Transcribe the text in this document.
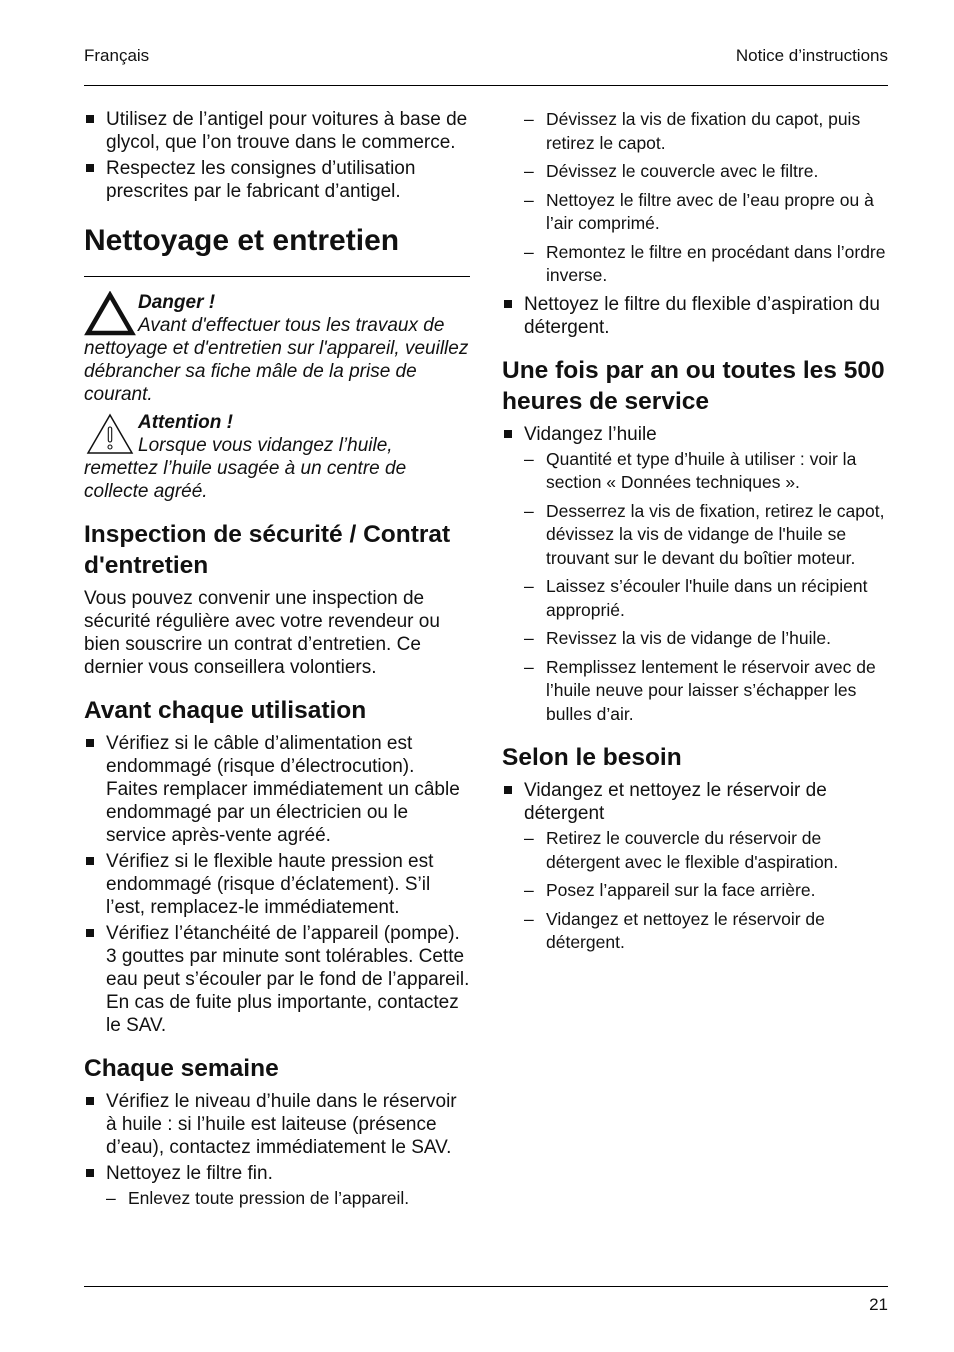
Français	Notice d’instructions
Utilisez de l’antigel pour voitures à base de glycol, que l’on trouve dans le commerce.
Respectez les consignes d’utilisation prescrites par le fabricant d’antigel.
Nettoyage et entretien
Danger !
Avant d'effectuer tous les travaux de nettoyage et d'entretien sur l'appareil, veuillez débrancher sa fiche mâle de la prise de courant.
Attention !
Lorsque vous vidangez l’huile, remettez l’huile usagée à un centre de collecte agréé.
Inspection de sécurité / Contrat d'entretien

Vous pouvez convenir une inspection de sécurité régulière avec votre revendeur ou bien souscrire un contrat d’entretien. Ce dernier vous conseillera volontiers.

Avant chaque utilisation
Vérifiez si le câble d’alimentation est endommagé (risque d’électrocution). Faites remplacer immédiatement un câble endommagé par un électricien ou le service après-vente agréé.
Vérifiez si le flexible haute pression est endommagé (risque d’éclatement). S’il l’est, remplacez-le immédiatement.
Vérifiez l’étanchéité de l’appareil (pompe). 3 gouttes par minute sont tolérables. Cette eau peut s’écouler par le fond de l’appareil. En cas de fuite plus importante, contactez le SAV.
Chaque semaine
Vérifiez le niveau d’huile dans le réservoir à huile : si l’huile est laiteuse (présence d’eau), contactez immédiatement le SAV.
Nettoyez le filtre fin.
– Enlevez toute pression de l’appareil.
– Dévissez la vis de fixation du capot, puis retirez le capot.
– Dévissez le couvercle avec le filtre.
– Nettoyez le filtre avec de l’eau propre ou à l’air comprimé.
– Remontez le filtre en procédant dans l’ordre inverse.
Nettoyez le filtre du flexible d’aspiration du détergent.
Une fois par an ou toutes les 500 heures de service
Vidangez l’huile
– Quantité et type d’huile à utiliser : voir la section « Données techniques ».
– Desserrez la vis de fixation, retirez le capot, dévissez la vis de vidange de l'huile se trouvant sur le devant du boîtier moteur.
– Laissez s’écouler l'huile dans un récipient approprié.
– Revissez la vis de vidange de l’huile.
– Remplissez lentement le réservoir avec de l’huile neuve pour laisser s’échapper les bulles d’air.
Selon le besoin
Vidangez et nettoyez le réservoir de détergent
– Retirez le couvercle du réservoir de détergent avec le flexible d'aspiration.
– Posez l’appareil sur la face arrière.
– Vidangez et nettoyez le réservoir de détergent.
21
